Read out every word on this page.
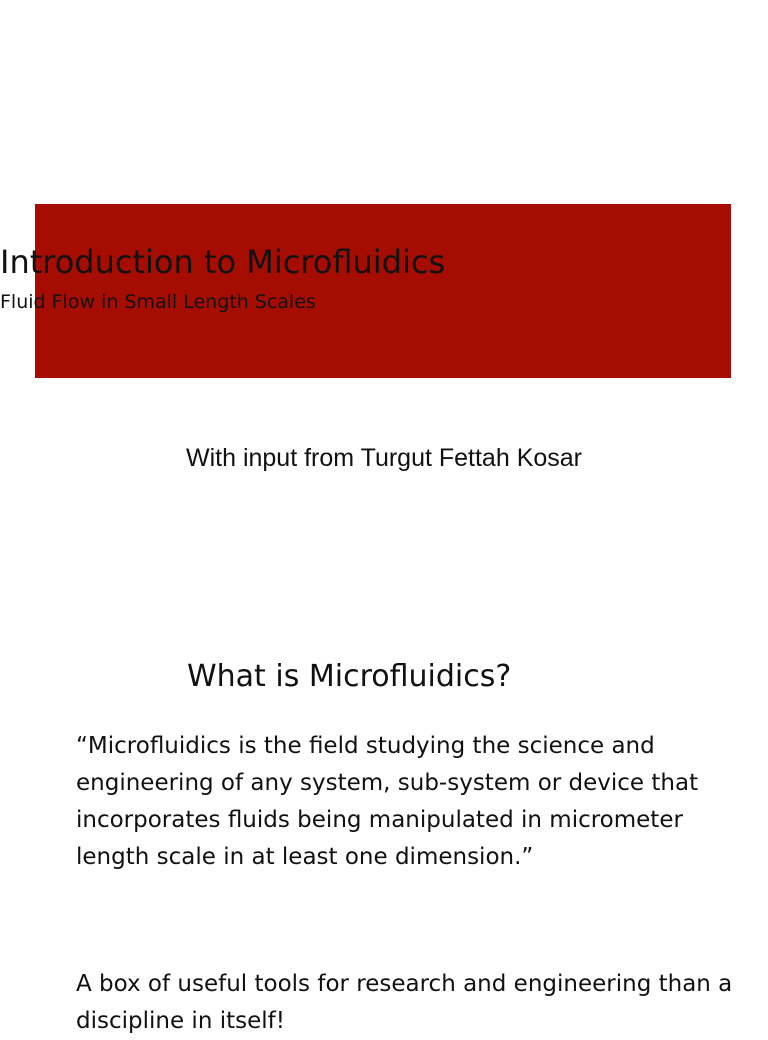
Introduction to Microfluidics

Fluid Flow in Small Length Scales

With input from Turgut Fettah Kosar

What is Microfluidics?

“Microfluidics is the field studying the science and engineering of any system, sub-system or device that incorporates fluids being manipulated in micrometer length scale in at least one dimension.”

A box of useful tools for research and engineering than a discipline in itself!
